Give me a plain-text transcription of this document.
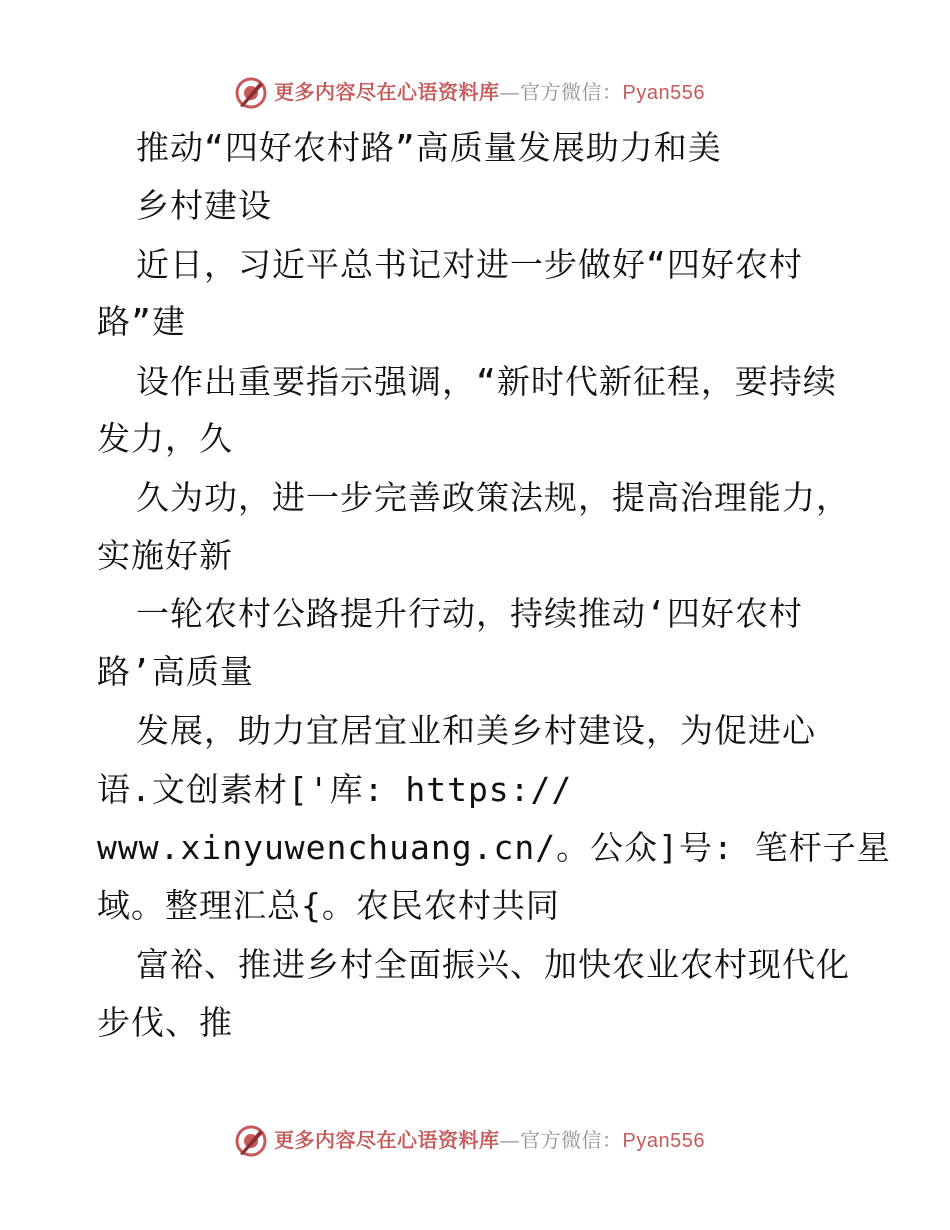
更多内容尽在心语资料库—官方微信：Pyan556
推动“四好农村路”高质量发展助力和美
乡村建设
近日，习近平总书记对进一步做好“四好农村
路”建
设作出重要指示强调，“新时代新征程，要持续
发力，久
久为功，进一步完善政策法规，提高治理能力，
实施好新
一轮农村公路提升行动，持续推动‘四好农村
路’高质量
发展，助力宜居宜业和美乡村建设，为促进心
语.文创素材['库: https://
www.xinyuwenchuang.cn/。公众]号: 笔杆子星
域。整理汇总{。农民农村共同
富裕、推进乡村全面振兴、加快农业农村现代化
步伐、推
更多内容尽在心语资料库—官方微信：Pyan556
